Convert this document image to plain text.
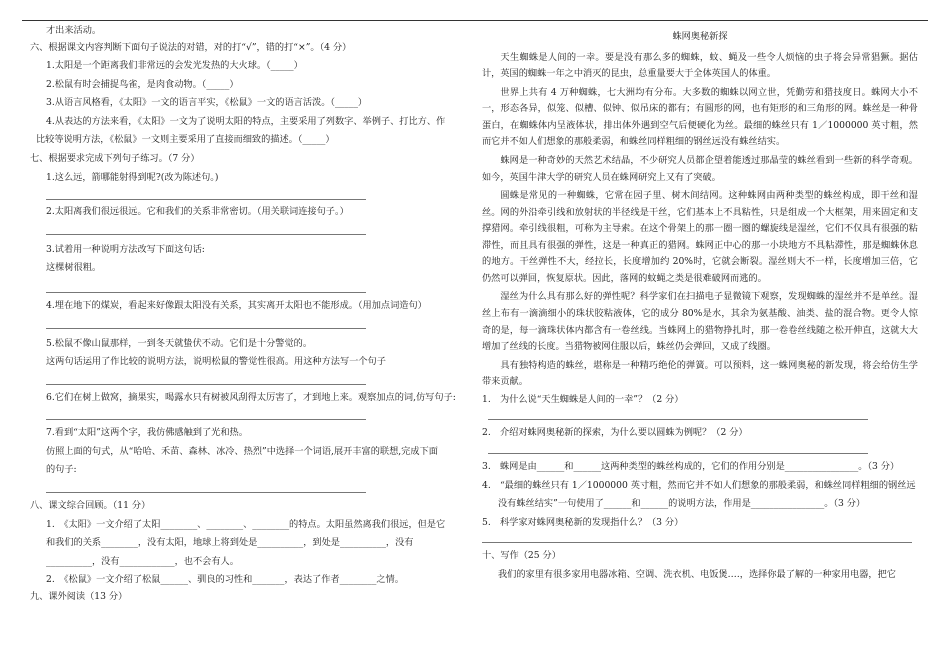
才出来活动。

六、根据课文内容判断下面句子说法的对错，对的打“√”，错的打“×”。（4 分）

1.太阳是一个距离我们非常远的会发光发热的大火球。（_____）

2.松鼠有时会捕捉鸟雀，是肉食动物。（_____）

3.从语言风格看，《太阳》一文的语言平实，《松鼠》一文的语言活泼。（_____）

4.从表达的方法来看，《太阳》一文为了说明太阳的特点，主要采用了列数字、举例子、打比方、作

比较等说明方法，《松鼠》一文则主要采用了直接而细致的描述。（_____）

七、根据要求完成下列句子练习。（7 分）

1.这么远，箭哪能射得到呢?(改为陈述句。)

2.太阳离我们很远很远。它和我们的关系非常密切。（用关联词连接句子。）

3.试着用一种说明方法改写下面这句话:

这棵树很粗。

4.埋在地下的煤炭，看起来好像跟太阳没有关系，其实离开太阳也不能形成。（用加点词造句）

5.松鼠不像山鼠那样，一到冬天就蛰伏不动。它们是十分警觉的。

这两句话运用了作比较的说明方法，说明松鼠的警觉性很高。用这种方法写一个句子

6.它们在树上做窝，摘果实，喝露水只有树被风刮得太厉害了，才到地上来。观察加点的词,仿写句子:

7.看到“太阳”这两个字，我仿佛感触到了光和热。

仿照上面的句式，从“哈哈、禾苗、森林、冰冷、热烈”中选择一个词语,展开丰富的联想,完成下面

的句子:

八、课文综合回顾。（11 分）

1.　《太阳》一文介绍了太阳________、________、________的特点。太阳虽然离我们很远，但是它

和我们的关系________，没有太阳，地球上将到处是__________，到处是__________，没有

__________，没有____________，也不会有人。

2.　《松鼠》一文介绍了松鼠______、驯良的习性和_______，表达了作者________之情。

九、课外阅读（13 分）

蛛网奥秘新探

天生蜘蛛是人间的一幸。要是没有那么多的蜘蛛，蚊、蝇及一些令人烦恼的虫子将会异常猖獗。据估计，英国的蜘蛛一年之中消灭的昆虫，总重量要大于全体英国人的体重。

世界上共有 4 万种蜘蛛，七大洲均有分布。大多数的蜘蛛以网立世，凭勤劳和猎技度日。蛛网大小不一，形态各异，似笼、似槽、似钟、似吊床的都有；有圆形的网，也有矩形的和三角形的网。蛛丝是一种骨蛋白，在蜘蛛体内呈液体状，排出体外遇到空气后便硬化为丝。最细的蛛丝只有 1／1000000 英寸粗，然而它并不如人们想象的那般柔弱，和蛛丝同样粗细的钢丝远没有蛛丝结实。

蛛网是一种奇妙的天然艺术结晶，不少研究人员都企望着能透过那晶莹的蛛丝看到一些新的科学奇观。如今，英国牛津大学的研究人员在蛛网研究上又有了突破。

圆蛛是常见的一种蜘蛛，它常在园子里、树木间结网。这种蛛网由两种类型的蛛丝构成，即干丝和湿丝。网的外沿牵引线和放射状的半径线是干丝，它们基本上不具粘性，只是组成一个大框架，用来固定和支撑猎网。牵引线很粗，可称为主导索。在这个骨架上的那一圈一圈的螺旋线是湿丝，它们不仅具有很强的粘滞性，而且具有很强的弹性，这是一种真正的猎网。蛛网正中心的那一小块地方不具粘滞性，那是蜘蛛休息的地方。干丝弹性不大，经拉长，长度增加约 20%时，它就会断裂。湿丝则大不一样，长度增加三倍，它仍然可以弹回，恢复原状。因此，落网的蚊蝇之类是很难破网而逃的。

湿丝为什么具有那么好的弹性呢？科学家们在扫描电子显微镜下观察，发现蜘蛛的湿丝并不是单丝。湿丝上布有一滴滴细小的珠状胶粘液体，它的成分 80%是水，其余为氨基酸、油类、盐的混合物。更令人惊奇的是，每一滴珠状体内都含有一卷丝线。当蛛网上的猎物挣扎时，那一卷卷丝线随之松开伸直，这就大大增加了丝线的长度。当猎物被网住服以后，蛛丝仍会弹回，又成了线圈。

具有独特构造的蛛丝，堪称是一种精巧绝伦的弹簧。可以预料，这一蛛网奥秘的新发现，将会给仿生学带来贡献。

1.　为什么说“天生蜘蛛是人间的一幸”？（2 分）

2.　介绍对蛛网奥秘新的探索，为什么要以圆蛛为例呢？（2 分）

3.　蛛网是由______和______这两种类型的蛛丝构成的，它们的作用分别是________________。（3 分）

4.　“最细的蛛丝只有 1／1000000 英寸粗，然而它并不如人们想象的那般柔弱，和蛛丝同样粗细的钢丝远

没有蛛丝结实”一句使用了______和______的说明方法，作用是________________。（3 分）

5.　科学家对蛛网奥秘新的发现指什么？（3 分）

十、写作（25 分）

我们的家里有很多家用电器冰箱、空调、洗衣机、电饭煲.…，选择你最了解的一种家用电器，把它
